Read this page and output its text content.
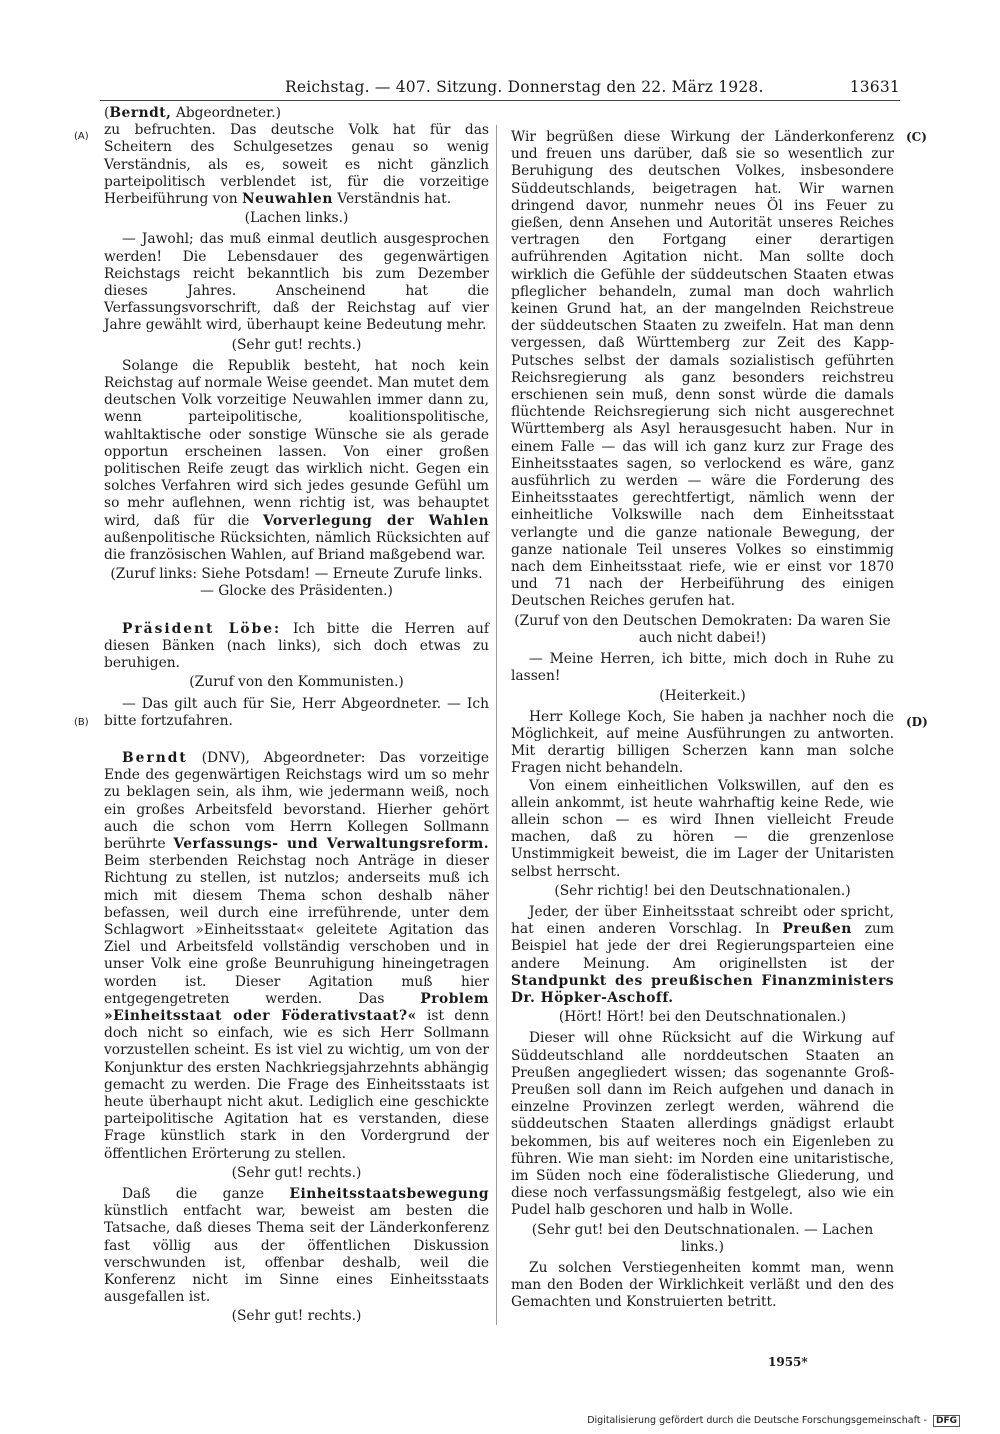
Reichstag. — 407. Sitzung. Donnerstag den 22. März 1928.	13631
(A)
(B)
(C)
(D)

(Berndt, Abgeordneter.)

zu befruchten. Das deutsche Volk hat für das Scheitern des Schulgesetzes genau so wenig Verständnis, als es, soweit es nicht gänzlich parteipolitisch verblendet ist, für die vorzeitige Herbeiführung von Neuwahlen Verständnis hat.

(Lachen links.)

— Jawohl; das muß einmal deutlich ausgesprochen werden! Die Lebensdauer des gegenwärtigen Reichstags reicht bekanntlich bis zum Dezember dieses Jahres. Anscheinend hat die Verfassungsvorschrift, daß der Reichstag auf vier Jahre gewählt wird, überhaupt keine Bedeutung mehr.

(Sehr gut! rechts.)

Solange die Republik besteht, hat noch kein Reichstag auf normale Weise geendet. Man mutet dem deutschen Volk vorzeitige Neuwahlen immer dann zu, wenn parteipolitische, koalitionspolitische, wahltaktische oder sonstige Wünsche sie als gerade opportun erscheinen lassen. Von einer großen politischen Reife zeugt das wirklich nicht. Gegen ein solches Verfahren wird sich jedes gesunde Gefühl um so mehr auflehnen, wenn richtig ist, was behauptet wird, daß für die Vorverlegung der Wahlen außenpolitische Rücksichten, nämlich Rücksichten auf die französischen Wahlen, auf Briand maßgebend war.

(Zuruf links: Siehe Potsdam! — Erneute Zurufe links. — Glocke des Präsidenten.)

Präsident Löbe: Ich bitte die Herren auf diesen Bänken (nach links), sich doch etwas zu beruhigen.

(Zuruf von den Kommunisten.)

— Das gilt auch für Sie, Herr Abgeordneter. — Ich bitte fortzufahren.

Berndt (DNV), Abgeordneter: Das vorzeitige Ende des gegenwärtigen Reichstags wird um so mehr zu beklagen sein, als ihm, wie jedermann weiß, noch ein großes Arbeitsfeld bevorstand. Hierher gehört auch die schon vom Herrn Kollegen Sollmann berührte Verfassungs- und Verwaltungsreform. Beim sterbenden Reichstag noch Anträge in dieser Richtung zu stellen, ist nutzlos; anderseits muß ich mich mit diesem Thema schon deshalb näher befassen, weil durch eine irreführende, unter dem Schlagwort »Einheitsstaat« geleitete Agitation das Ziel und Arbeitsfeld vollständig verschoben und in unser Volk eine große Beunruhigung hineingetragen worden ist. Dieser Agitation muß hier entgegengetreten werden. Das	Problem »Einheitsstaat oder Föderativstaat?« ist denn doch nicht so einfach, wie es sich Herr Sollmann vorzustellen scheint. Es ist viel zu wichtig, um von der Konjunktur des ersten Nachkriegsjahrzehnts abhängig gemacht zu werden. Die Frage des Einheitsstaats ist heute überhaupt nicht akut. Lediglich eine geschickte parteipolitische Agitation hat es verstanden, diese Frage künstlich stark in den Vordergrund der öffentlichen Erörterung zu stellen.

(Sehr gut! rechts.)

Daß die ganze Einheitsstaatsbewegung künstlich entfacht war, beweist am besten die Tatsache, daß dieses Thema seit der Länderkonferenz fast völlig aus der öffentlichen Diskussion verschwunden ist, offenbar deshalb, weil die Konferenz nicht im Sinne eines Einheitsstaats ausgefallen ist.

(Sehr gut! rechts.)

Wir begrüßen diese Wirkung der Länderkonferenz und freuen uns darüber, daß sie so wesentlich zur Beruhigung des deutschen Volkes, insbesondere Süddeutschlands, beigetragen hat. Wir warnen dringend davor, nunmehr neues Öl ins Feuer zu gießen, denn Ansehen und Autorität unseres Reiches vertragen den Fortgang einer derartigen aufrührenden Agitation nicht. Man sollte doch wirklich die Gefühle der süddeutschen Staaten etwas pfleglicher behandeln, zumal man doch wahrlich keinen Grund hat, an der mangelnden Reichstreue der süddeutschen Staaten zu zweifeln. Hat man denn vergessen, daß Württemberg zur Zeit des Kapp-Putsches selbst der damals sozialistisch geführten Reichsregierung als ganz besonders reichstreu erschienen sein muß, denn sonst würde die damals flüchtende Reichsregierung sich nicht ausgerechnet Württemberg als Asyl herausgesucht haben. Nur in einem Falle — das will ich ganz kurz zur Frage des Einheitsstaates sagen, so verlockend es wäre, ganz ausführlich zu werden — wäre die Forderung des Einheitsstaates gerechtfertigt, nämlich wenn der einheitliche Volkswille nach dem Einheitsstaat verlangte und die ganze nationale Bewegung, der ganze nationale Teil unseres Volkes so einstimmig nach dem Einheitsstaat riefe, wie er einst vor 1870 und 71 nach der Herbeiführung des einigen Deutschen Reiches gerufen hat.

(Zuruf von den Deutschen Demokraten: Da waren Sie auch nicht dabei!)

— Meine Herren, ich bitte, mich doch in Ruhe zu lassen!

(Heiterkeit.)

Herr Kollege Koch, Sie haben ja nachher noch die Möglichkeit, auf meine Ausführungen zu antworten. Mit derartig billigen Scherzen kann man solche Fragen nicht behandeln.

Von einem einheitlichen Volkswillen, auf den es allein ankommt, ist heute wahrhaftig keine Rede, wie allein schon — es wird Ihnen vielleicht Freude machen, daß zu hören — die grenzenlose Unstimmigkeit beweist, die im Lager der Unitaristen selbst herrscht.

(Sehr richtig! bei den Deutschnationalen.)

Jeder, der über Einheitsstaat schreibt oder spricht, hat einen anderen Vorschlag. In Preußen zum Beispiel hat jede der drei Regierungsparteien eine andere Meinung. Am originellsten ist der Standpunkt des preußischen Finanzministers Dr. Höpker-Aschoff.

(Hört! Hört! bei den Deutschnationalen.)

Dieser will ohne Rücksicht auf die Wirkung auf Süddeutschland alle norddeutschen Staaten an Preußen angegliedert wissen; das sogenannte Groß-Preußen soll dann im Reich aufgehen und danach in einzelne Provinzen zerlegt werden, während die süddeutschen Staaten allerdings gnädigst erlaubt bekommen, bis auf weiteres noch ein Eigenleben zu führen. Wie man sieht: im Norden eine unitaristische, im Süden noch eine föderalistische Gliederung, und diese noch verfassungsmäßig festgelegt, also wie ein Pudel halb geschoren und halb in Wolle.

(Sehr gut! bei den Deutschnationalen. — Lachen links.)

Zu solchen Verstiegenheiten kommt man, wenn man den Boden der Wirklichkeit verläßt und den des Gemachten und Konstruierten betritt.

1955*
Digitalisierung gefördert durch die Deutsche Forschungsgemeinschaft - DFG
